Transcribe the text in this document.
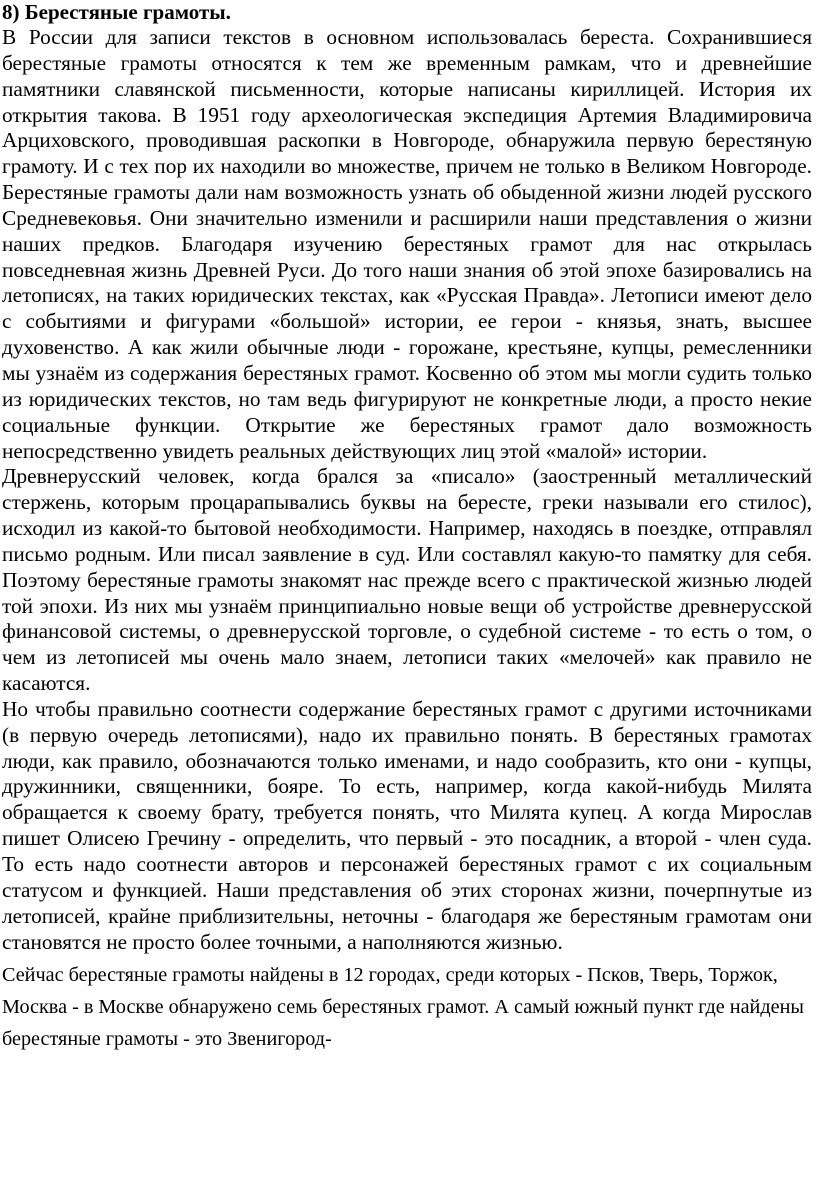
8) Берестяные грамоты.

В России для записи текстов в основном использовалась береста. Сохранившиеся берестяные грамоты относятся к тем же временным рамкам, что и древнейшие памятники славянской письменности, которые написаны кириллицей. История их открытия такова. В 1951 году археологическая экспедиция Артемия Владимировича Арциховского, проводившая раскопки в Новгороде, обнаружила первую берестяную грамоту. И с тех пор их находили во множестве, причем не только в Великом Новгороде. Берестяные грамоты дали нам возможность узнать об обыденной жизни людей русского Средневековья. Они значительно изменили и расширили наши представления о жизни наших предков. Благодаря изучению берестяных грамот для нас открылась повседневная жизнь Древней Руси. До того наши знания об этой эпохе базировались на летописях, на таких юридических текстах, как «Русская Правда». Летописи имеют дело с событиями и фигурами «большой» истории, ее герои - князья, знать, высшее духовенство. А как жили обычные люди - горожане, крестьяне, купцы, ремесленники мы узнаём из содержания берестяных грамот. Косвенно об этом мы могли судить только из юридических текстов, но там ведь фигурируют не конкретные люди, а просто некие социальные функции. Открытие же берестяных грамот дало возможность непосредственно увидеть реальных действующих лиц этой «малой» истории.

Древнерусский человек, когда брался за «писало» (заостренный металлический стержень, которым процарапывались буквы на бересте, греки называли его стилос), исходил из какой-то бытовой необходимости. Например, находясь в поездке, отправлял письмо родным. Или писал заявление в суд. Или составлял какую-то памятку для себя. Поэтому берестяные грамоты знакомят нас прежде всего с практической жизнью людей той эпохи. Из них мы узнаём принципиально новые вещи об устройстве древнерусской финансовой системы, о древнерусской торговле, о судебной системе - то есть о том, о чем из летописей мы очень мало знаем, летописи таких «мелочей» как правило не касаются.

Но чтобы правильно соотнести содержание берестяных грамот с другими источниками (в первую очередь летописями), надо их правильно понять. В берестяных грамотах люди, как правило, обозначаются только именами, и надо сообразить, кто они - купцы, дружинники, священники, бояре. То есть, например, когда какой-нибудь Милята обращается к своему брату, требуется понять, что Милята купец. А когда Мирослав пишет Олисею Гречину - определить, что первый - это посадник, а второй - член суда. То есть надо соотнести авторов и персонажей берестяных грамот с их социальным статусом и функцией. Наши представления об этих сторонах жизни, почерпнутые из летописей, крайне приблизительны, неточны - благодаря же берестяным грамотам они становятся не просто более точными, а наполняются жизнью.

Сейчас берестяные грамоты найдены в 12 городах, среди которых - Псков, Тверь, Торжок, Москва - в Москве обнаружено семь берестяных грамот. А самый южный пункт где найдены берестяные грамоты - это Звенигород-
